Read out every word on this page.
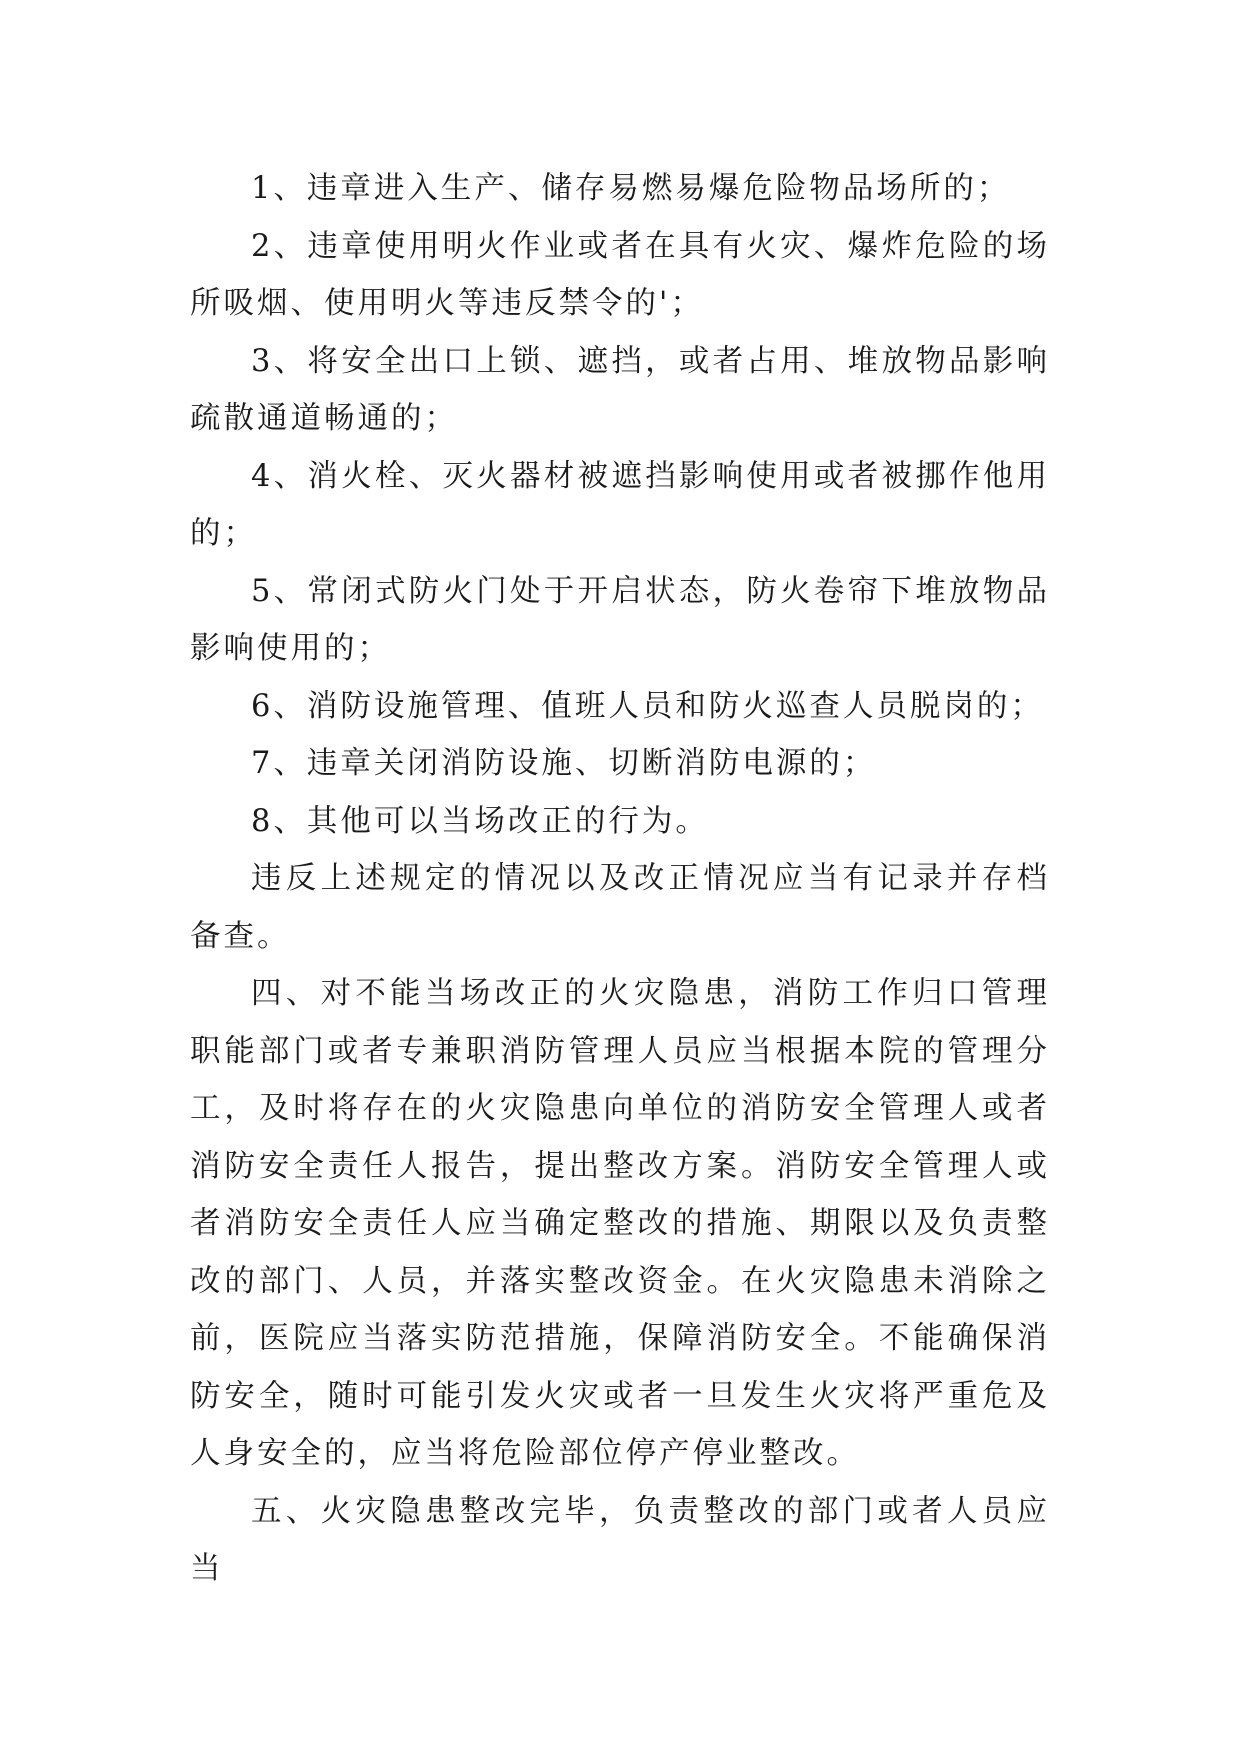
1、违章进入生产、储存易燃易爆危险物品场所的；

2、违章使用明火作业或者在具有火灾、爆炸危险的场所吸烟、使用明火等违反禁令的'；

3、将安全出口上锁、遮挡，或者占用、堆放物品影响疏散通道畅通的；

4、消火栓、灭火器材被遮挡影响使用或者被挪作他用的；

5、常闭式防火门处于开启状态，防火卷帘下堆放物品影响使用的；

6、消防设施管理、值班人员和防火巡查人员脱岗的；

7、违章关闭消防设施、切断消防电源的；

8、其他可以当场改正的行为。

违反上述规定的情况以及改正情况应当有记录并存档备查。

四、对不能当场改正的火灾隐患，消防工作归口管理职能部门或者专兼职消防管理人员应当根据本院的管理分工，及时将存在的火灾隐患向单位的消防安全管理人或者消防安全责任人报告，提出整改方案。消防安全管理人或者消防安全责任人应当确定整改的措施、期限以及负责整改的部门、人员，并落实整改资金。在火灾隐患未消除之前，医院应当落实防范措施，保障消防安全。不能确保消防安全，随时可能引发火灾或者一旦发生火灾将严重危及人身安全的，应当将危险部位停产停业整改。

五、火灾隐患整改完毕，负责整改的部门或者人员应当
